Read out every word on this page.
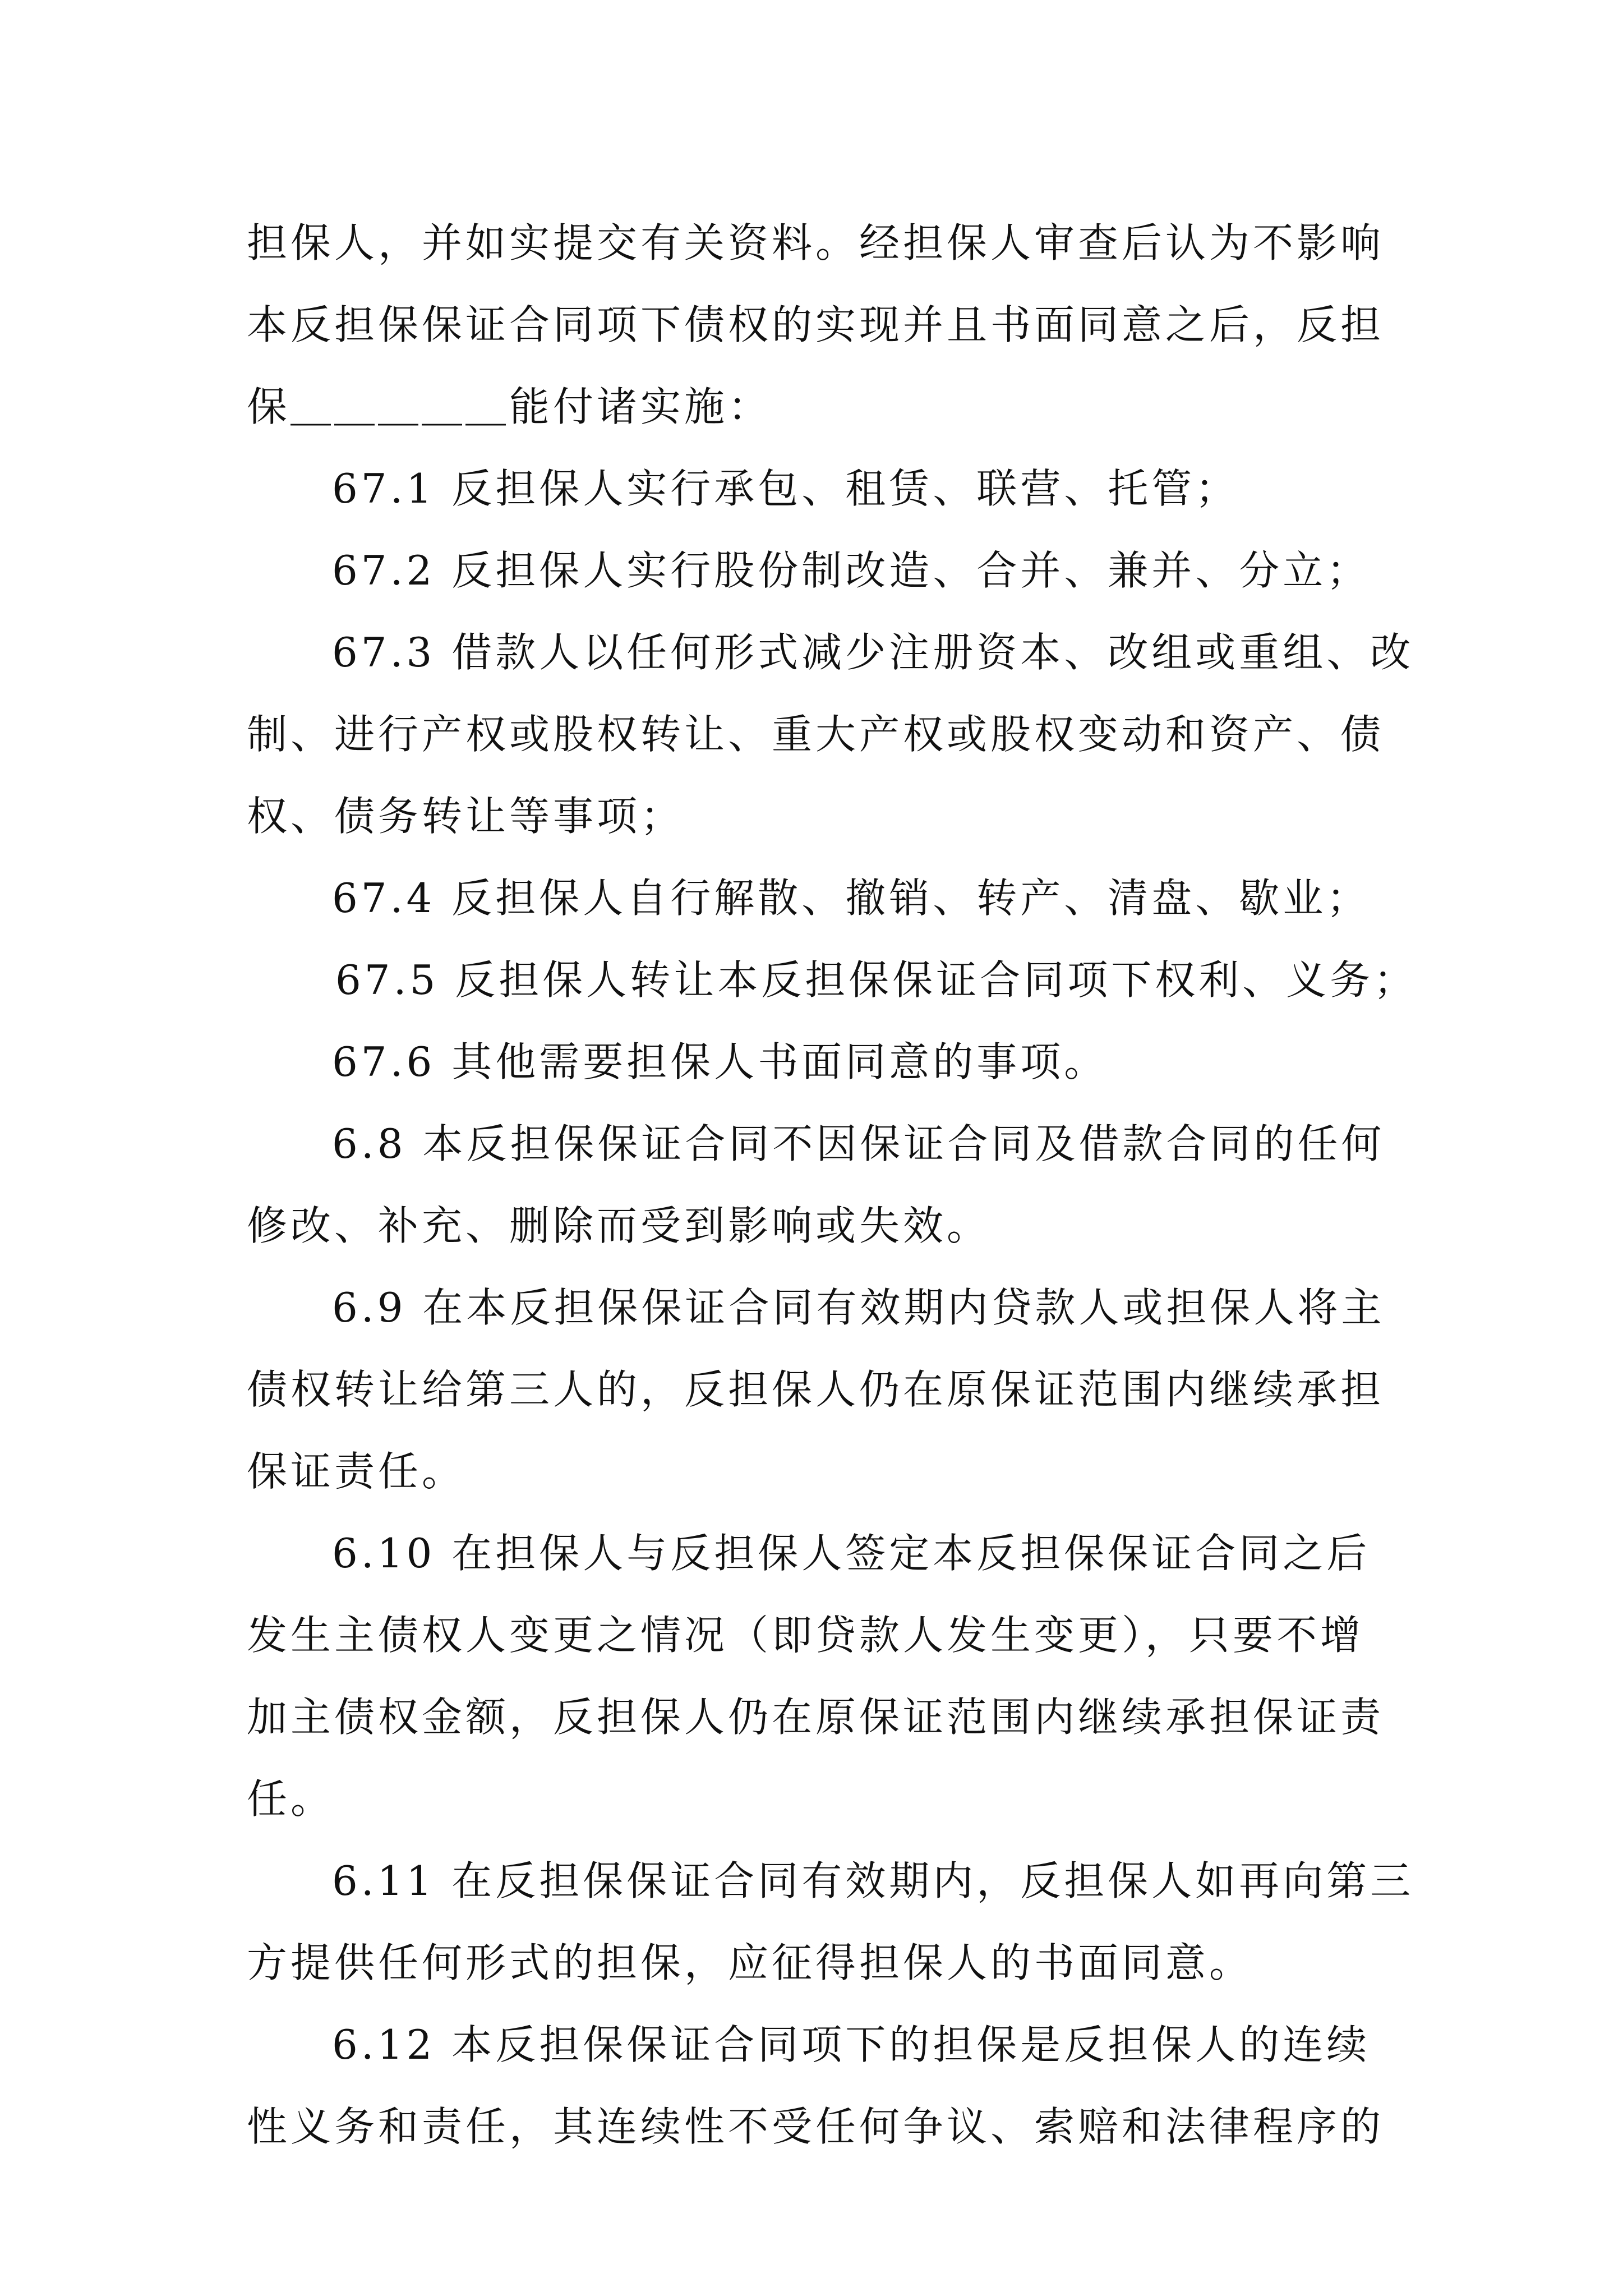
担保人，并如实提交有关资料。经担保人审查后认为不影响
本反担保保证合同项下债权的实现并且书面同意之后，反担
保＿＿＿＿＿能付诸实施：
67.1 反担保人实行承包、租赁、联营、托管；
67.2 反担保人实行股份制改造、合并、兼并、分立；
67.3 借款人以任何形式减少注册资本、改组或重组、改
制、进行产权或股权转让、重大产权或股权变动和资产、债
权、债务转让等事项；
67.4 反担保人自行解散、撤销、转产、清盘、歇业；
67.5 反担保人转让本反担保保证合同项下权利、义务；
67.6 其他需要担保人书面同意的事项。
6.8 本反担保保证合同不因保证合同及借款合同的任何
修改、补充、删除而受到影响或失效。
6.9 在本反担保保证合同有效期内贷款人或担保人将主
债权转让给第三人的，反担保人仍在原保证范围内继续承担
保证责任。
6.10 在担保人与反担保人签定本反担保保证合同之后
发生主债权人变更之情况（即贷款人发生变更），只要不增
加主债权金额，反担保人仍在原保证范围内继续承担保证责
任。
6.11 在反担保保证合同有效期内，反担保人如再向第三
方提供任何形式的担保，应征得担保人的书面同意。
6.12 本反担保保证合同项下的担保是反担保人的连续
性义务和责任，其连续性不受任何争议、索赔和法律程序的
